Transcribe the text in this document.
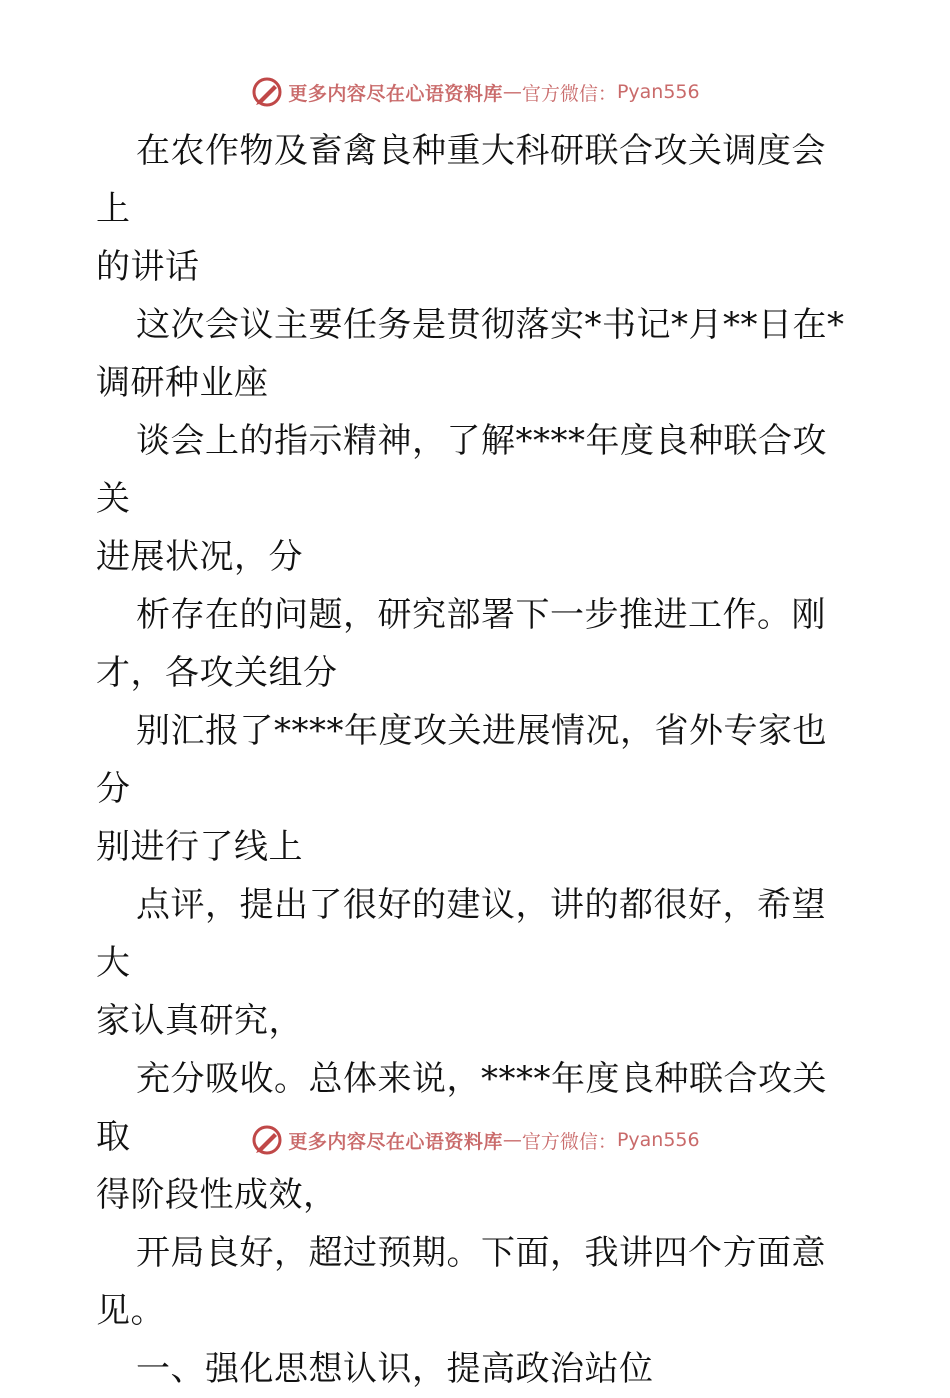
更多内容尽在心语资料库 — 官方微信： Pyan556

在农作物及畜禽良种重大科研联合攻关调度会上
的讲话

这次会议主要任务是贯彻落实*书记*月**日在*
调研种业座

谈会上的指示精神，了解****年度良种联合攻关
进展状况，分

析存在的问题，研究部署下一步推进工作。刚
才，各攻关组分

别汇报了****年度攻关进展情况，省外专家也分
别进行了线上

点评，提出了很好的建议，讲的都很好，希望大
家认真研究，

充分吸收。总体来说，****年度良种联合攻关取
得阶段性成效，

开局良好，超过预期。下面，我讲四个方面意
见。

一、强化思想认识，提高政治站位

更多内容尽在心语资料库 — 官方微信： Pyan556
